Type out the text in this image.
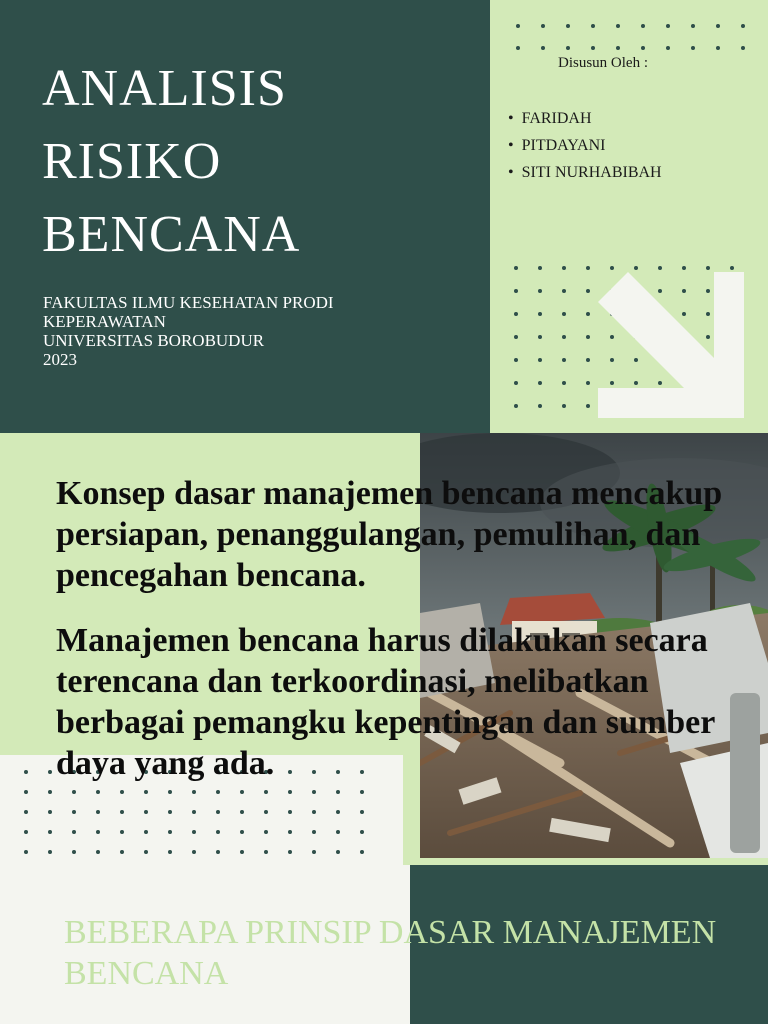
ANALISIS
RISIKO
BENCANA
FAKULTAS ILMU KESEHATAN PRODI
KEPERAWATAN
UNIVERSITAS BOROBUDUR
2023
Disusun Oleh :
• FARIDAH
• PITDAYANI
• SITI NURHABIBAH

Konsep dasar manajemen bencana mencakup
persiapan, penanggulangan, pemulihan, dan
pencegahan bencana.

Manajemen bencana harus dilakukan secara
terencana dan terkoordinasi, melibatkan
berbagai pemangku kepentingan dan sumber
daya yang ada.

BEBERAPA PRINSIP DASAR MANAJEMEN
BENCANA
